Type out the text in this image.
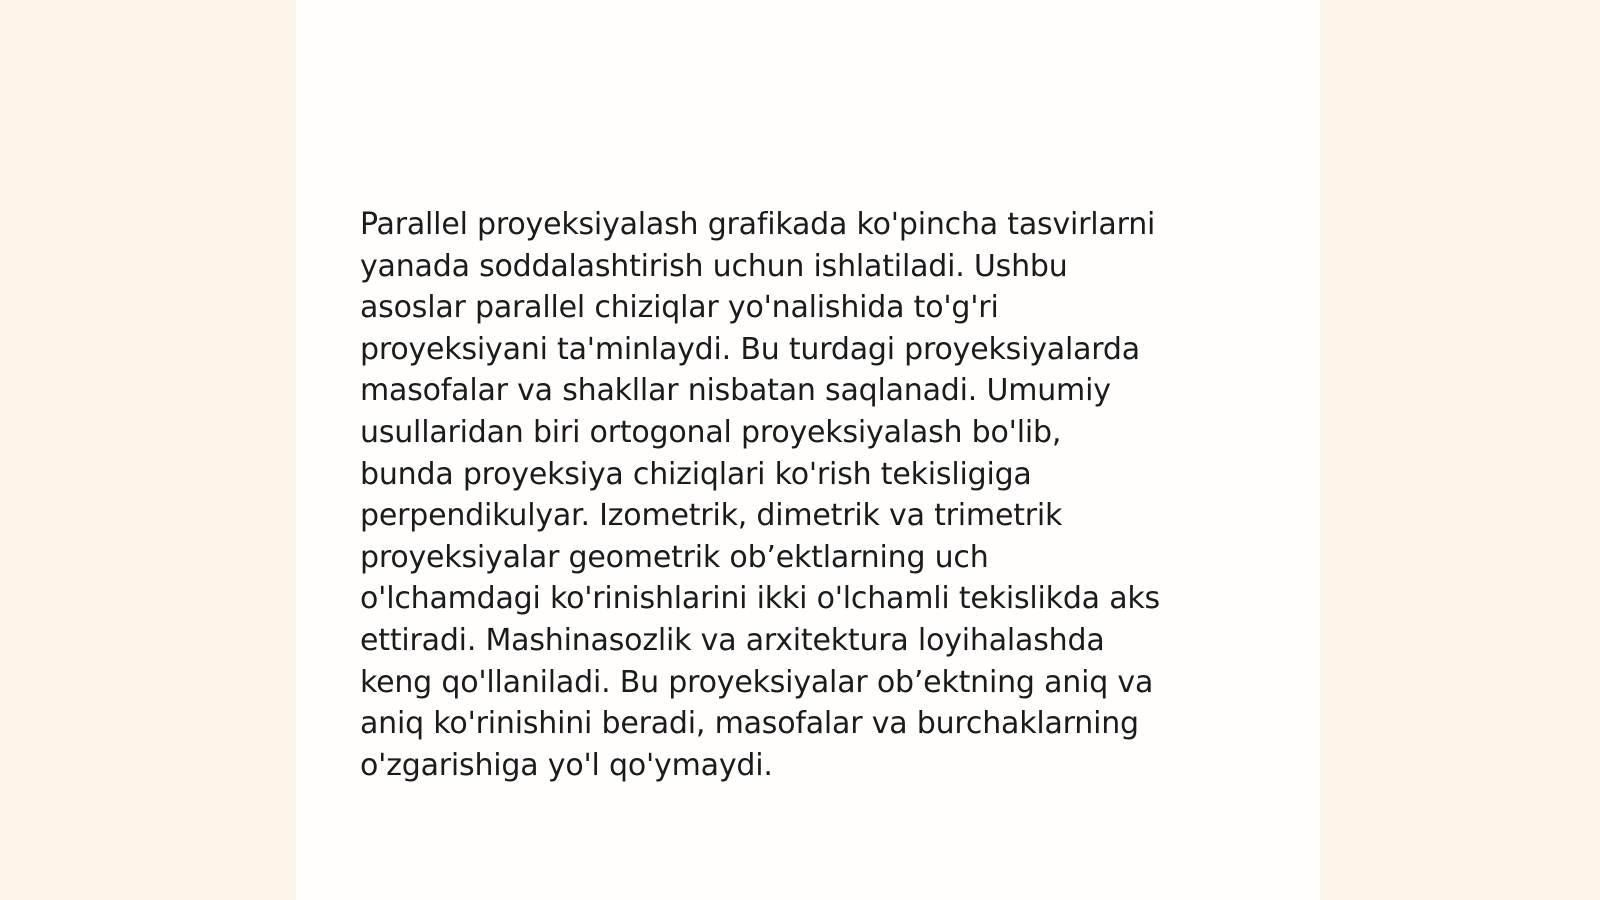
Parallel proyeksiyalash grafikada ko'pincha tasvirlarni
yanada soddalashtirish uchun ishlatiladi. Ushbu
asoslar parallel chiziqlar yo'nalishida to'g'ri
proyeksiyani ta'minlaydi. Bu turdagi proyeksiyalarda
masofalar va shakllar nisbatan saqlanadi. Umumiy
usullaridan biri ortogonal proyeksiyalash bo'lib,
bunda proyeksiya chiziqlari ko'rish tekisligiga
perpendikulyar. Izometrik, dimetrik va trimetrik
proyeksiyalar geometrik ob’ektlarning uch
o'lchamdagi ko'rinishlarini ikki o'lchamli tekislikda aks
ettiradi. Mashinasozlik va arxitektura loyihalashda
keng qo'llaniladi. Bu proyeksiyalar ob’ektning aniq va
aniq ko'rinishini beradi, masofalar va burchaklarning
o'zgarishiga yo'l qo'ymaydi.
